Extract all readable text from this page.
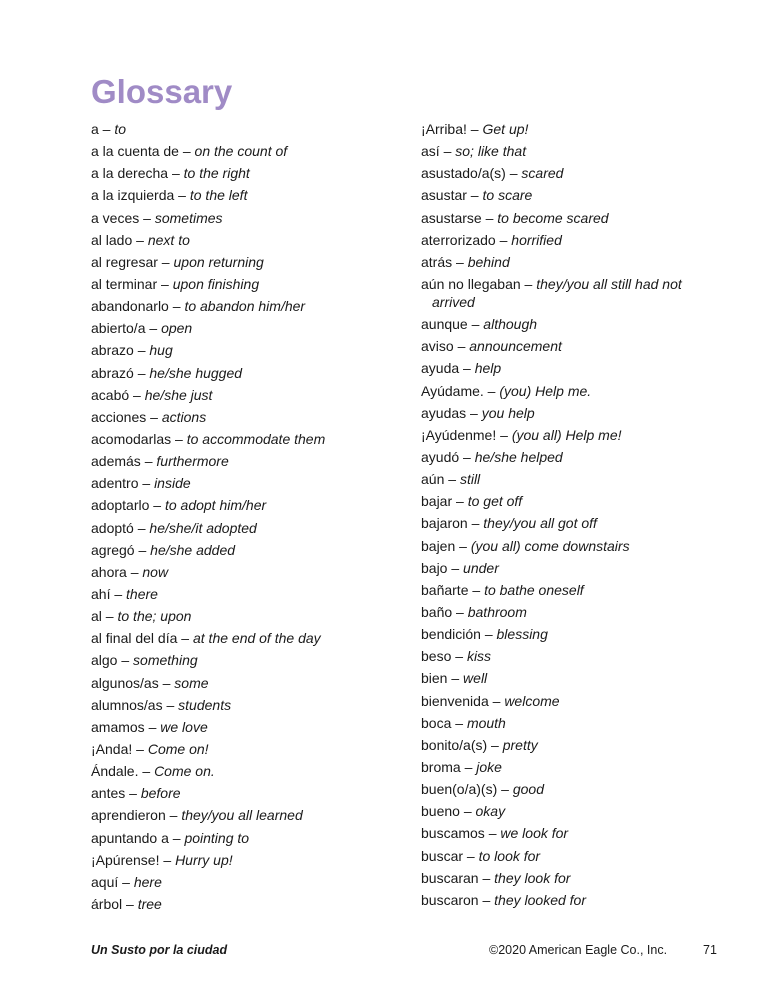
Glossary
a – to
a la cuenta de – on the count of
a la derecha – to the right
a la izquierda – to the left
a veces – sometimes
al lado – next to
al regresar – upon returning
al terminar – upon finishing
abandonarlo – to abandon him/her
abierto/a – open
abrazo – hug
abrazó – he/she hugged
acabó – he/she just
acciones – actions
acomodarlas – to accommodate them
además – furthermore
adentro – inside
adoptarlo – to adopt him/her
adoptó – he/she/it adopted
agregó – he/she added
ahora – now
ahí – there
al – to the; upon
al final del día – at the end of the day
algo – something
algunos/as – some
alumnos/as – students
amamos – we love
¡Anda! – Come on!
Ándale. – Come on.
antes – before
aprendieron – they/you all learned
apuntando a – pointing to
¡Apúrense! – Hurry up!
aquí – here
árbol – tree
¡Arriba! – Get up!
así – so; like that
asustado/a(s) – scared
asustar – to scare
asustarse – to become scared
aterrorizado – horrified
atrás – behind
aún no llegaban – they/you all still had not arrived
aunque – although
aviso – announcement
ayuda – help
Ayúdame. – (you) Help me.
ayudas – you help
¡Ayúdenme! – (you all) Help me!
ayudó – he/she helped
aún – still
bajar – to get off
bajaron – they/you all got off
bajen – (you all) come downstairs
bajo – under
bañarte – to bathe oneself
baño – bathroom
bendición – blessing
beso – kiss
bien – well
bienvenida – welcome
boca – mouth
bonito/a(s) – pretty
broma – joke
buen(o/a)(s) – good
bueno – okay
buscamos – we look for
buscar – to look for
buscaran – they look for
buscaron – they looked for
Un Susto por la ciudad	©2020 American Eagle Co., Inc.	71
